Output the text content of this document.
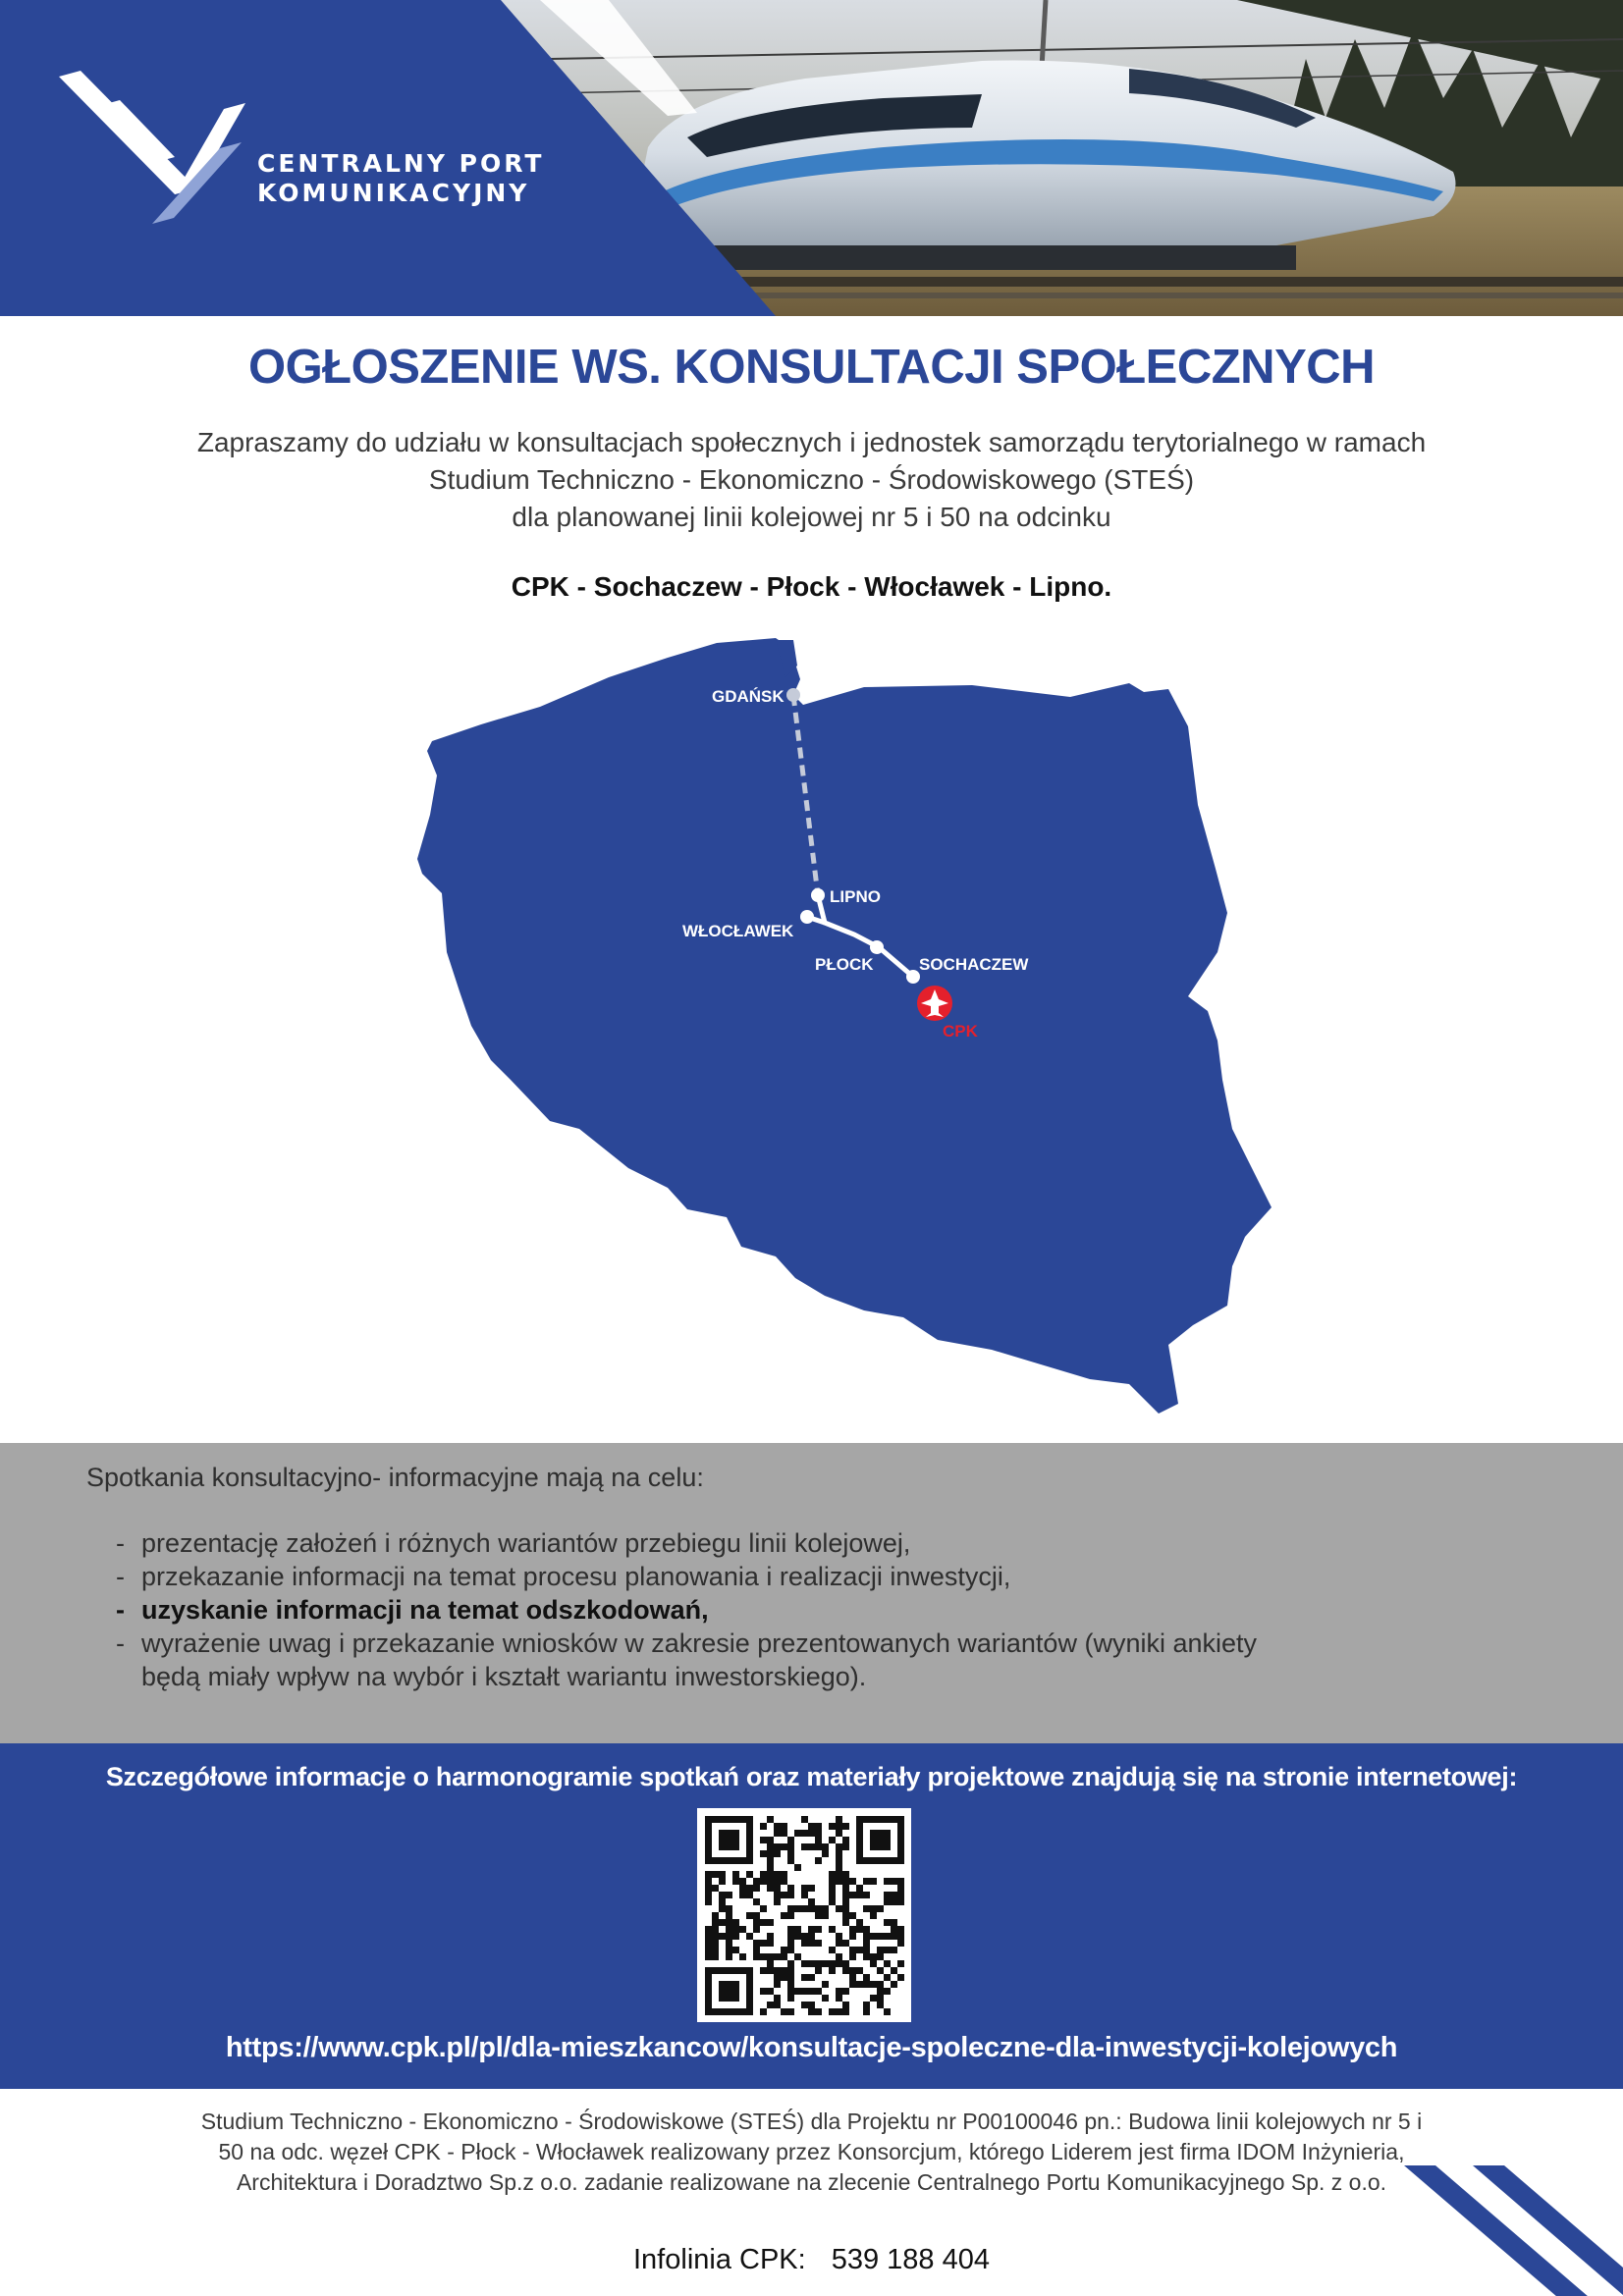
CENTRALNY PORT
KOMUNIKACYJNY
OGŁOSZENIE WS. KONSULTACJI SPOŁECZNYCH
Zapraszamy do udziału w konsultacjach społecznych i jednostek samorządu terytorialnego w ramach
Studium Techniczno - Ekonomiczno - Środowiskowego (STEŚ)
dla planowanej linii kolejowej nr 5 i 50 na odcinku
CPK - Sochaczew - Płock - Włocławek - Lipno.
GDAŃSK
LIPNO
WŁOCŁAWEK
PŁOCK	SOCHACZEW
CPK
Spotkania konsultacyjno- informacyjne mają na celu:
- prezentację założeń i różnych wariantów przebiegu linii kolejowej,
- przekazanie informacji na temat procesu planowania i realizacji inwestycji,
- uzyskanie informacji na temat odszkodowań,
- wyrażenie uwag i przekazanie wniosków w zakresie prezentowanych wariantów (wyniki ankiety będą miały wpływ na wybór i kształt wariantu inwestorskiego).
Szczegółowe informacje o harmonogramie spotkań oraz materiały projektowe znajdują się na stronie internetowej:
https://www.cpk.pl/pl/dla-mieszkancow/konsultacje-spoleczne-dla-inwestycji-kolejowych
Studium Techniczno - Ekonomiczno - Środowiskowe (STEŚ) dla Projektu nr P00100046 pn.: Budowa linii kolejowych nr 5 i 50 na odc. węzeł CPK - Płock - Włocławek realizowany przez Konsorcjum, którego Liderem jest firma IDOM Inżynieria, Architektura i Doradztwo Sp.z o.o. zadanie realizowane na zlecenie Centralnego Portu Komunikacyjnego Sp. z o.o.
Infolinia CPK: 539 188 404
